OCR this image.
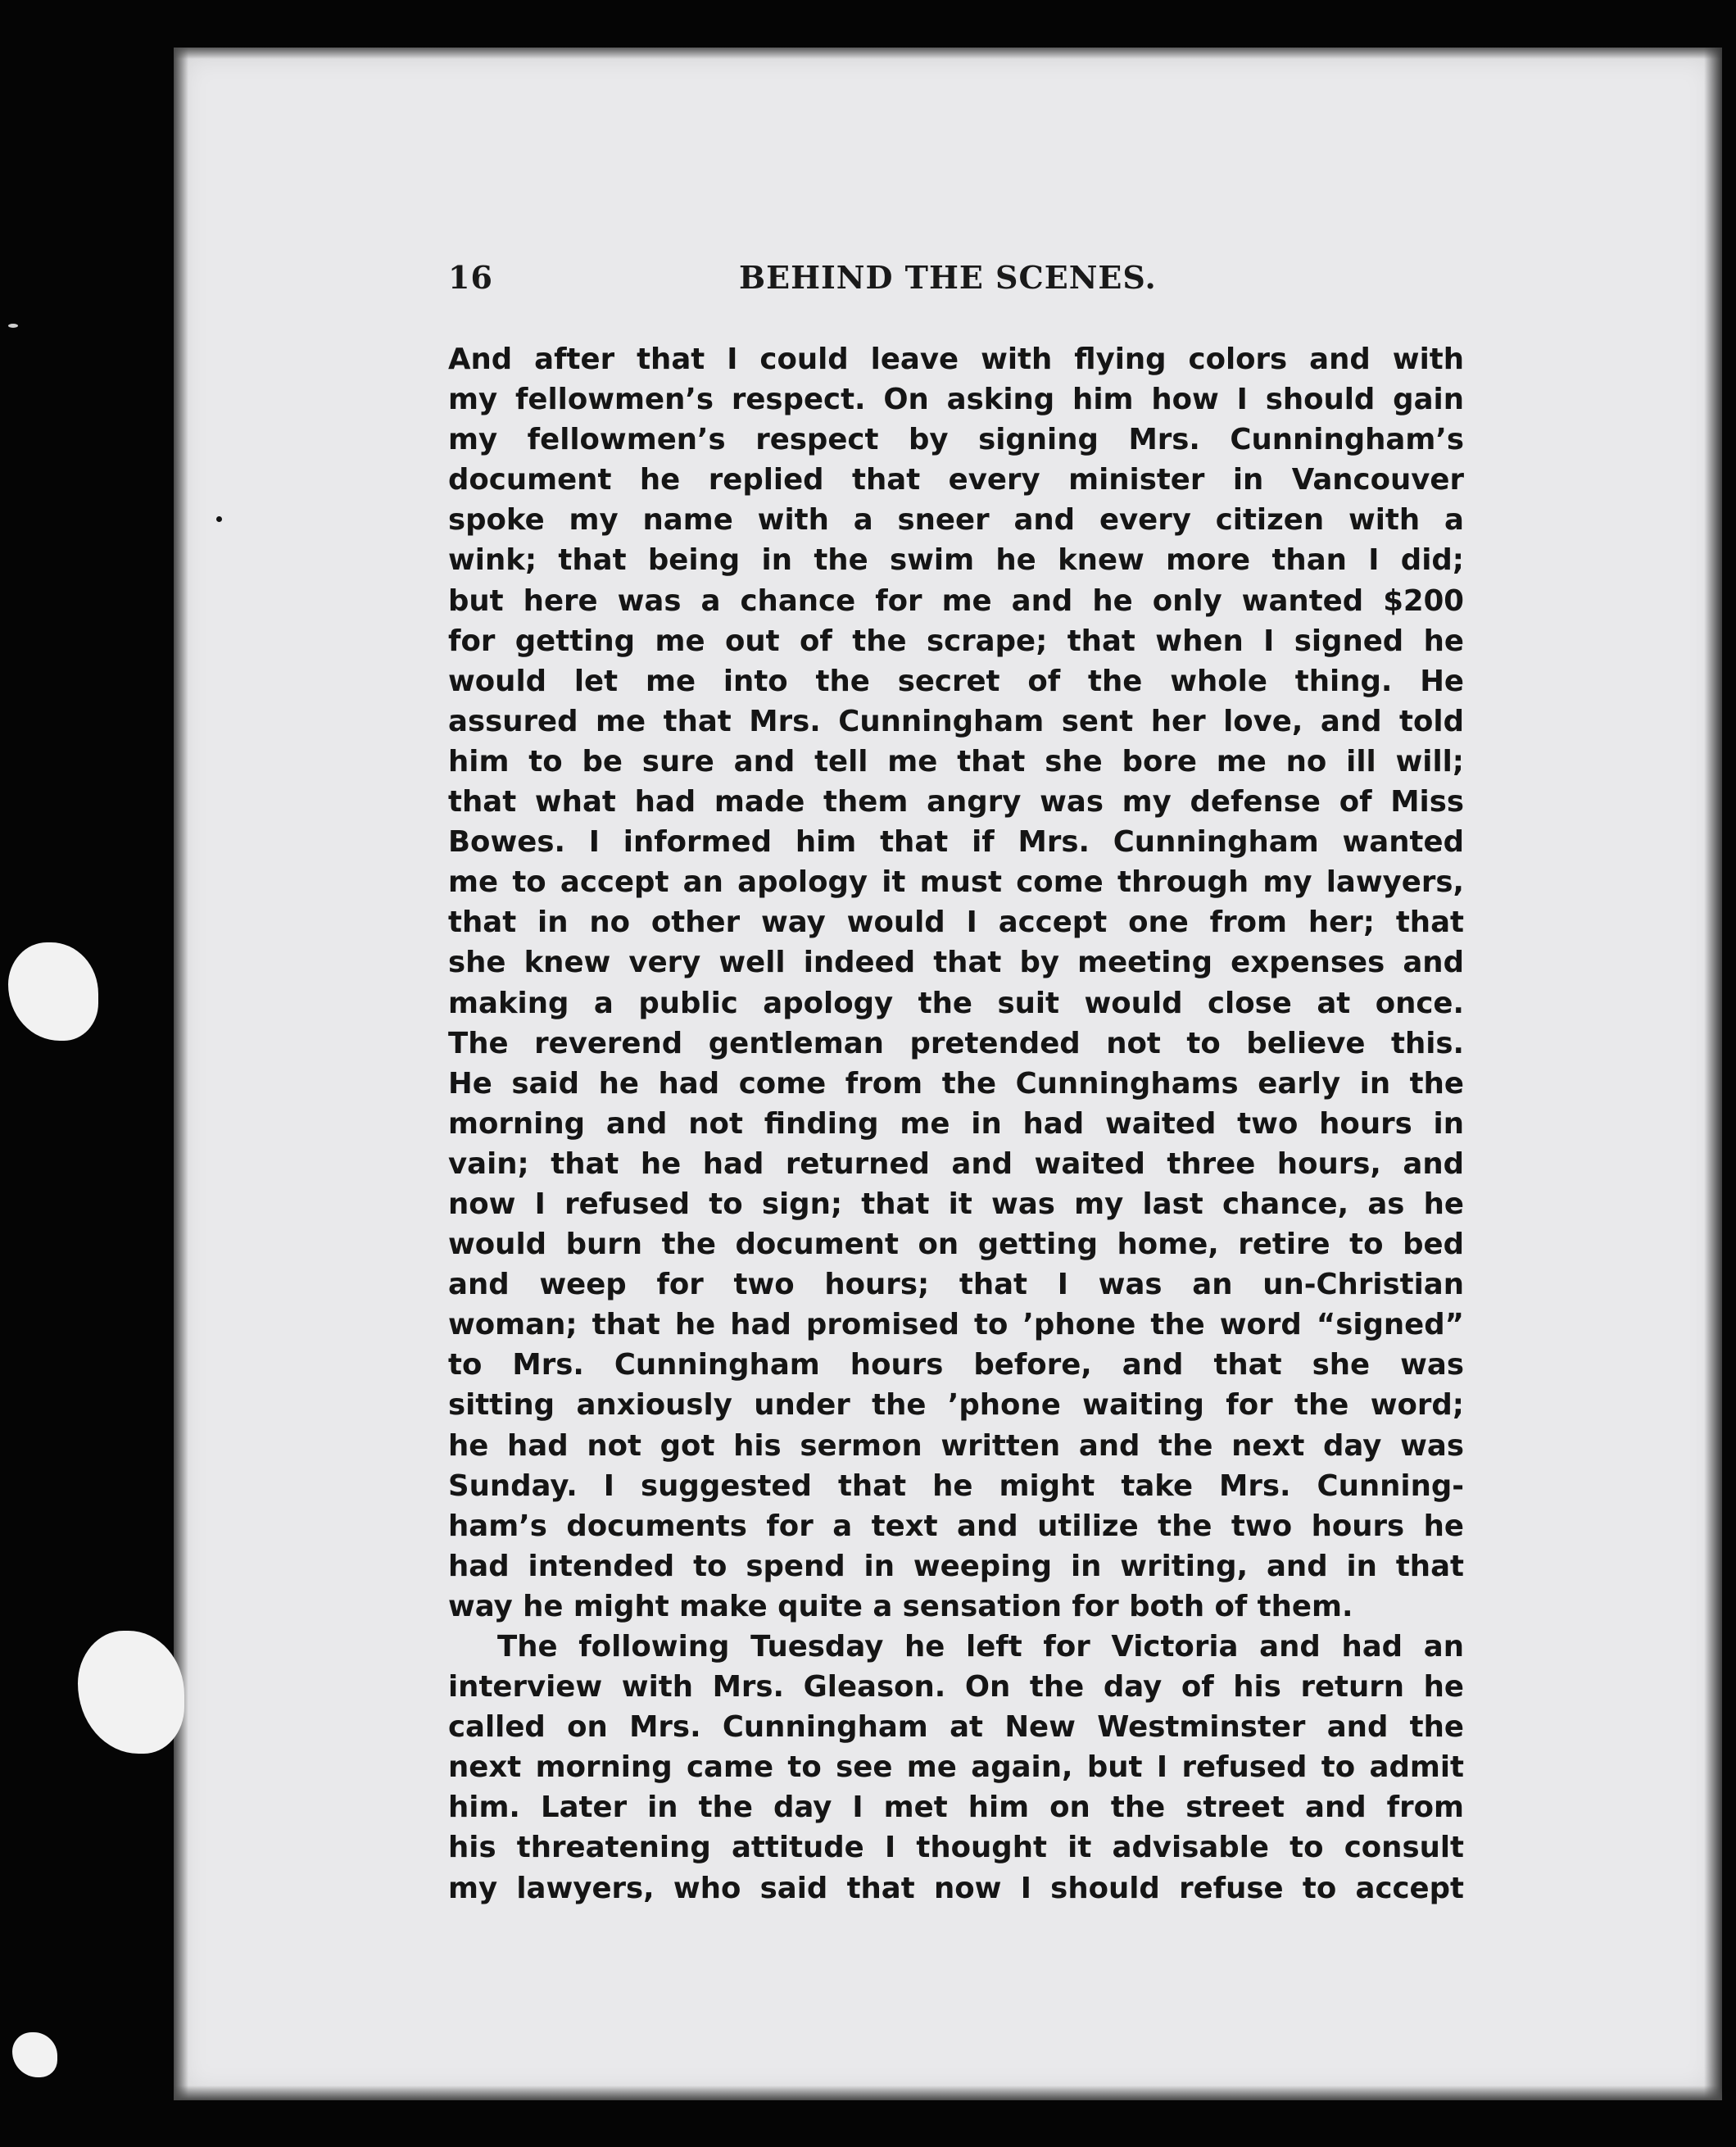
16	BEHIND THE SCENES.
And after that I could leave with flying colors and with
my fellowmen’s respect. On asking him how I should gain
my fellowmen’s respect by signing Mrs. Cunningham’s
document he replied that every minister in Vancouver
spoke my name with a sneer and every citizen with a
wink; that being in the swim he knew more than I did;
but here was a chance for me and he only wanted $200
for getting me out of the scrape; that when I signed he
would let me into the secret of the whole thing. He
assured me that Mrs. Cunningham sent her love, and told
him to be sure and tell me that she bore me no ill will;
that what had made them angry was my defense of Miss
Bowes. I informed him that if Mrs. Cunningham wanted
me to accept an apology it must come through my lawyers,
that in no other way would I accept one from her; that
she knew very well indeed that by meeting expenses and
making a public apology the suit would close at once.
The reverend gentleman pretended not to believe this.
He said he had come from the Cunninghams early in the
morning and not finding me in had waited two hours in
vain; that he had returned and waited three hours, and
now I refused to sign; that it was my last chance, as he
would burn the document on getting home, retire to bed
and weep for two hours; that I was an un-Christian
woman; that he had promised to ’phone the word “signed”
to Mrs. Cunningham hours before, and that she was
sitting anxiously under the ’phone waiting for the word;
he had not got his sermon written and the next day was
Sunday. I suggested that he might take Mrs. Cunning-
ham’s documents for a text and utilize the two hours he
had intended to spend in weeping in writing, and in that
way he might make quite a sensation for both of them.
The following Tuesday he left for Victoria and had an
interview with Mrs. Gleason. On the day of his return he
called on Mrs. Cunningham at New Westminster and the
next morning came to see me again, but I refused to admit
him. Later in the day I met him on the street and from
his threatening attitude I thought it advisable to consult
my lawyers, who said that now I should refuse to accept
